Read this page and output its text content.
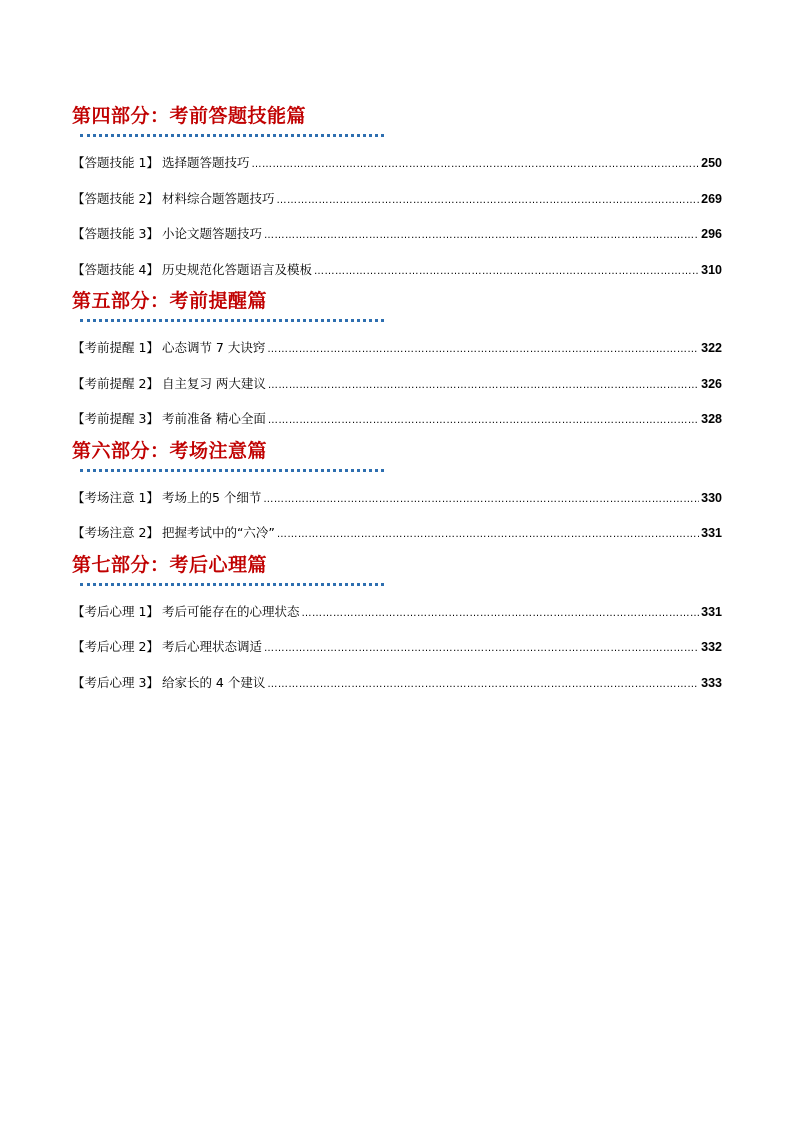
第四部分：考前答题技能篇
【答题技能 1】 选择题答题技巧 ………………………………………………………………………………………………………………………………………………………………………………………………………	250
【答题技能 2】 材料综合题答题技巧 ………………………………………………………………………………………………………………………………………………………………………………………………………	269
【答题技能 3】 小论文题答题技巧 ………………………………………………………………………………………………………………………………………………………………………………………………………	296
【答题技能 4】 历史规范化答题语言及模板 ………………………………………………………………………………………………………………………………………………………………………………………………………	310
第五部分：考前提醒篇
【考前提醒 1】 心态调节 7 大诀窍 ………………………………………………………………………………………………………………………………………………………………………………………………………	322
【考前提醒 2】 自主复习 两大建议 ………………………………………………………………………………………………………………………………………………………………………………………………………	326
【考前提醒 3】 考前准备 精心全面 ………………………………………………………………………………………………………………………………………………………………………………………………………	328
第六部分：考场注意篇
【考场注意 1】 考场上的5 个细节 ………………………………………………………………………………………………………………………………………………………………………………………………………	330
【考场注意 2】 把握考试中的“六冷” ………………………………………………………………………………………………………………………………………………………………………………………………………	331
第七部分：考后心理篇
【考后心理 1】 考后可能存在的心理状态 ………………………………………………………………………………………………………………………………………………………………………………………………………	331
【考后心理 2】 考后心理状态调适 ………………………………………………………………………………………………………………………………………………………………………………………………………	332
【考后心理 3】 给家长的 4 个建议 ………………………………………………………………………………………………………………………………………………………………………………………………………	333
